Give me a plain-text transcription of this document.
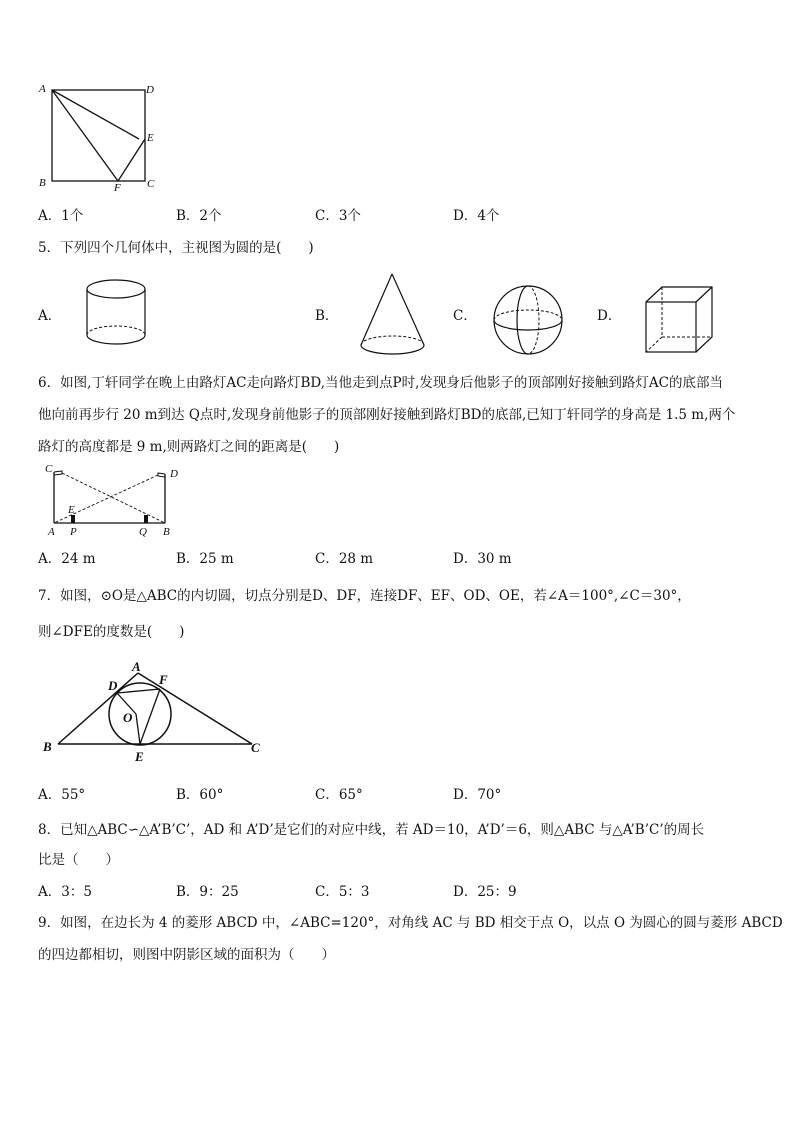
A	D
B	C
E
F
A．1个	B．2个	C．3个	D．4个
5．下列四个几何体中，主视图为圆的是(　　)
A．	B．	C．	D．
6．如图,丁轩同学在晚上由路灯AC走向路灯BD,当他走到点P时,发现身后他影子的顶部刚好接触到路灯AC的底部当
他向前再步行 20 m到达 Q点时,发现身前他影子的顶部刚好接触到路灯BD的底部,已知丁轩同学的身高是 1.5 m,两个
路灯的高度都是 9 m,则两路灯之间的距离是(　　)
C	D
E
A P	Q B
A．24 m	B．25 m	C．28 m	D．30 m
7．如图，⊙O是△ABC的内切圆，切点分别是D、DF，连接DF、EF、OD、OE，若∠A＝100°,∠C＝30°，
则∠DFE的度数是(　　)
A
D	F
O
B
E
C
A．55°	B．60°	C．65°	D．70°
8．已知△ABC∽△A’B’C’，AD 和 A’D’是它们的对应中线，若 AD＝10，A’D’＝6，则△ABC 与△A’B’C’的周长
比是（　　）
A．3：5	B．9：25	C．5：3	D．25：9
9．如图，在边长为 4 的菱形 ABCD 中，∠ABC=120°，对角线 AC 与 BD 相交于点 O，以点 O 为圆心的圆与菱形 ABCD
的四边都相切，则图中阴影区域的面积为（　　）
